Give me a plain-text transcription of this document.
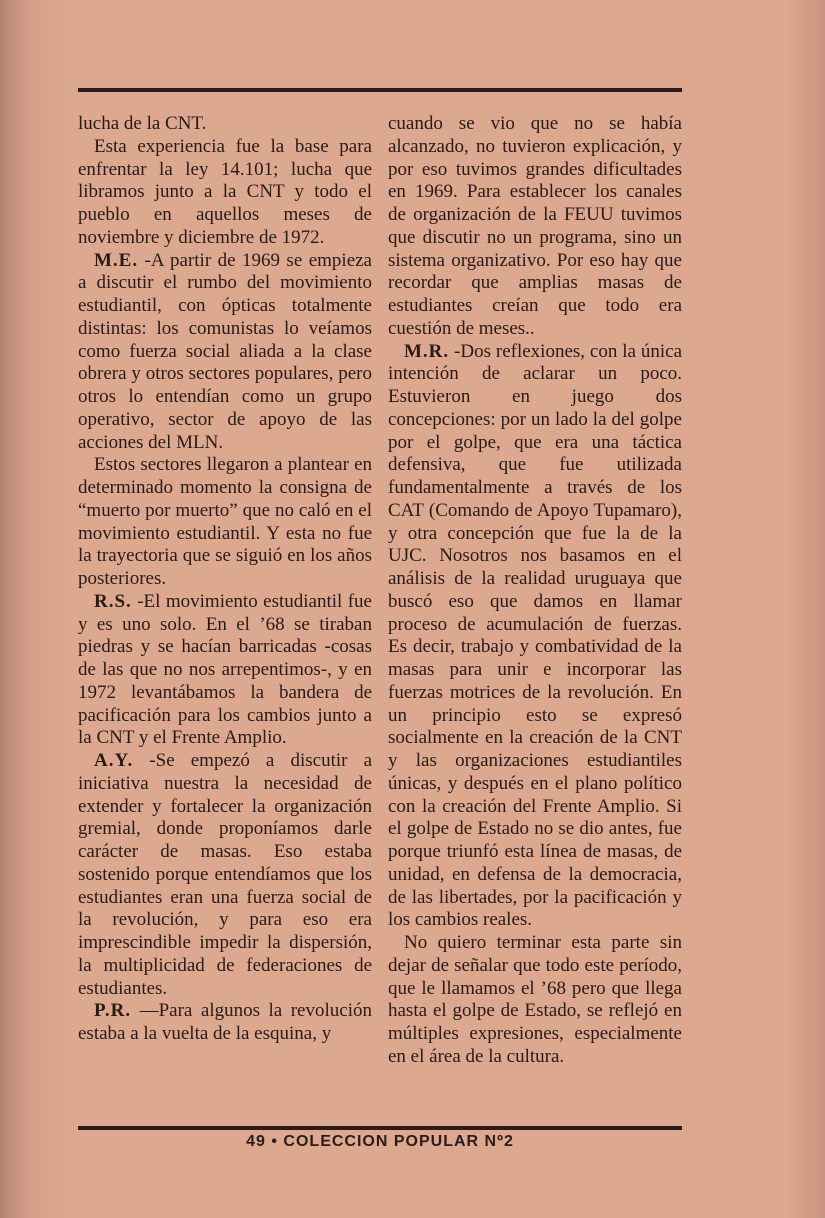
lucha de la CNT.

Esta experiencia fue la base para enfrentar la ley 14.101; lucha que libramos junto a la CNT y todo el pueblo en aquellos meses de noviembre y diciembre de 1972.

M.E. -A partir de 1969 se empieza a discutir el rumbo del movimiento estudiantil, con ópticas totalmente distintas: los comunistas lo veíamos como fuerza social aliada a la clase obrera y otros sectores populares, pero otros lo entendían como un grupo operativo, sector de apoyo de las acciones del MLN.

Estos sectores llegaron a plantear en determinado momento la consigna de “muerto por muerto” que no caló en el movimiento estudiantil. Y esta no fue la trayectoria que se siguió en los años posteriores.

R.S. -El movimiento estudiantil fue y es uno solo. En el ’68 se tiraban piedras y se hacían barricadas -cosas de las que no nos arrepentimos-, y en 1972 levantábamos la bandera de pacificación para los cambios junto a la CNT y el Frente Amplio.

A.Y. -Se empezó a discutir a iniciativa nuestra la necesidad de extender y fortalecer la organización gremial, donde proponíamos darle carácter de masas. Eso estaba sostenido porque entendíamos que los estudiantes eran una fuerza social de la revolución, y para eso era imprescindible impedir la dispersión, la multiplicidad de federaciones de estudiantes.

P.R. —Para algunos la revolución estaba a la vuelta de la esquina, y

cuando se vio que no se había alcanzado, no tuvieron explicación, y por eso tuvimos grandes dificultades en 1969. Para establecer los canales de organización de la FEUU tuvimos que discutir no un programa, sino un sistema organizativo. Por eso hay que recordar que amplias masas de estudiantes creían que todo era cuestión de meses..

M.R. -Dos reflexiones, con la única intención de aclarar un poco. Estuvieron en juego dos concepciones: por un lado la del golpe por el golpe, que era una táctica defensiva, que fue utilizada fundamentalmente a través de los CAT (Comando de Apoyo Tupamaro), y otra concepción que fue la de la UJC. Nosotros nos basamos en el análisis de la realidad uruguaya que buscó eso que damos en llamar proceso de acumulación de fuerzas. Es decir, trabajo y combatividad de la masas para unir e incorporar las fuerzas motrices de la revolución. En un principio esto se expresó socialmente en la creación de la CNT y las organizaciones estudiantiles únicas, y después en el plano político con la creación del Frente Amplio. Si el golpe de Estado no se dio antes, fue porque triunfó esta línea de masas, de unidad, en defensa de la democracia, de las libertades, por la pacificación y los cambios reales.

No quiero terminar esta parte sin dejar de señalar que todo este período, que le llamamos el ’68 pero que llega hasta el golpe de Estado, se reflejó en múltiples expresiones, especialmente en el área de la cultura.

49 • COLECCION POPULAR Nº2
